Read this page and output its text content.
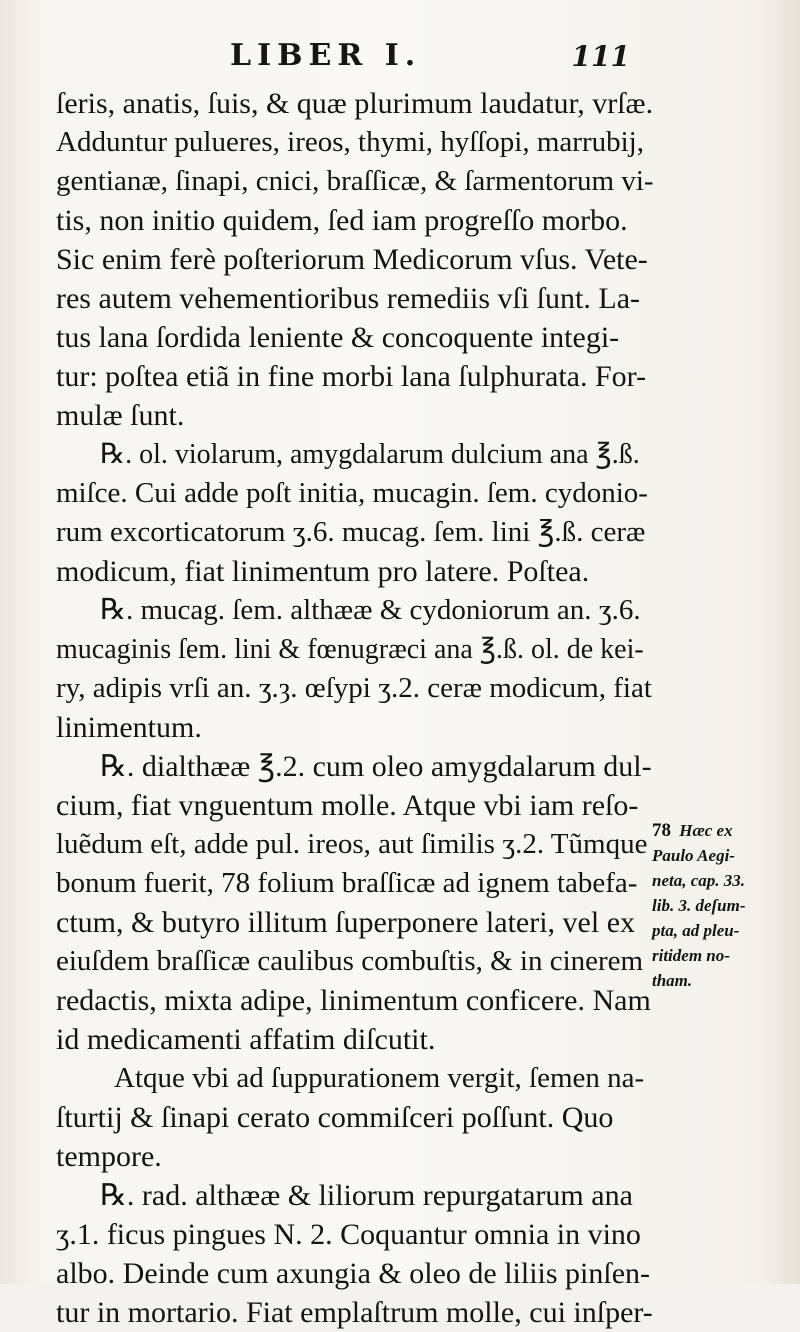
LIBER I.	111
ſeris, anatis, ſuis, & quæ plurimum laudatur, vrſæ.
Adduntur pulueres, ireos, thymi, hyſſopi, marrubij,
gentianæ, ſinapi, cnici, braſſicæ, & ſarmentorum vi-
tis, non initio quidem, ſed iam progreſſo morbo.
Sic enim ferè poſteriorum Medicorum vſus. Vete-
res autem vehementioribus remediis vſi ſunt. La-
tus lana ſordida leniente & concoquente integi-
tur: poſtea etiã in fine morbi lana ſulphurata. For-
mulæ ſunt.
℞. ol. violarum, amygdalarum dulcium ana ℥.ß.
miſce. Cui adde poſt initia, mucagin. ſem. cydonio-
rum excorticatorum ʒ.6. mucag. ſem. lini ℥.ß. ceræ
modicum, fiat linimentum pro latere. Poſtea.
℞. mucag. ſem. althææ & cydoniorum an. ʒ.6.
mucaginis ſem. lini & fœnugræci ana ℥.ß. ol. de kei-
ry, adipis vrſi an. ʒ.ȝ. œſypi ʒ.2. ceræ modicum, fiat
linimentum.
℞. dialthææ ℥.2. cum oleo amygdalarum dul-
cium, fiat vnguentum molle. Atque vbi iam reſo-
luẽdum eſt, adde pul. ireos, aut ſimilis ʒ.2. Tũmque
bonum fuerit, 78 folium braſſicæ ad ignem tabefa-
ctum, & butyro illitum ſuperponere lateri, vel ex
eiuſdem braſſicæ caulibus combuſtis, & in cinerem
redactis, mixta adipe, linimentum conficere. Nam
id medicamenti affatim diſcutit.
Atque vbi ad ſuppurationem vergit, ſemen na-
ſturtij & ſinapi cerato commiſceri poſſunt. Quo
tempore.
℞. rad. althææ & liliorum repurgatarum ana
ʒ.1. ficus pingues N. 2. Coquantur omnia in vino
albo. Deinde cum axungia & oleo de liliis pinſen-
tur in mortario. Fiat emplaſtrum molle, cui inſper-
78 Hæc ex
Paulo Aegi-
neta, cap. 33.
lib. 3. deſum-
pta, ad pleu-
ritidem no-
tham.
